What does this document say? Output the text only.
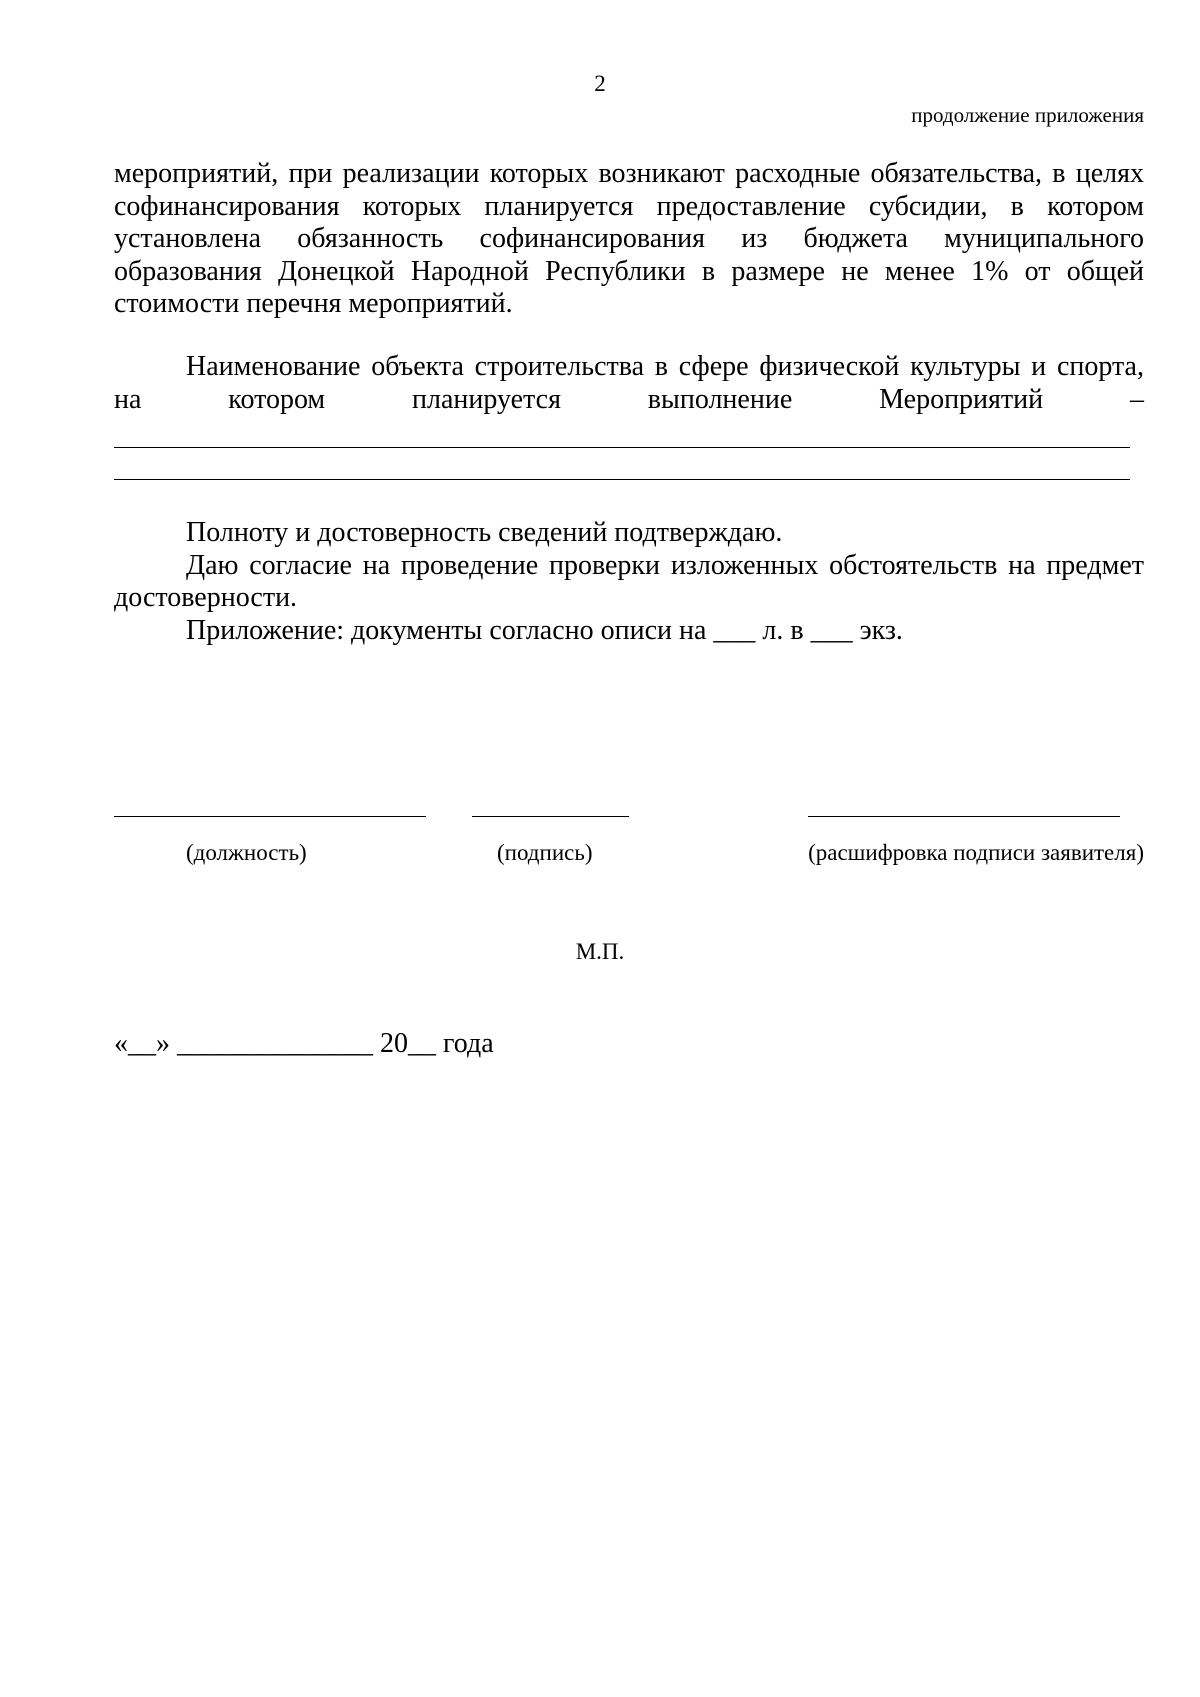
2
продолжение приложения
мероприятий, при реализации которых возникают расходные обязательства, в целях софинансирования которых планируется предоставление субсидии, в котором установлена обязанность софинансирования из бюджета муниципального образования Донецкой Народной Республики в размере не менее 1% от общей стоимости перечня мероприятий.
Наименование объекта строительства в сфере физической культуры и спорта, на котором планируется выполнение Мероприятий –

Полноту и достоверность сведений подтверждаю.

Даю согласие на проведение проверки изложенных обстоятельств на предмет достоверности.

Приложение: документы согласно описи на ___ л. в ___ экз.

(должность)	(подпись)	(расшифровка подписи заявителя)
М.П.
«__» ______________ 20__ года
